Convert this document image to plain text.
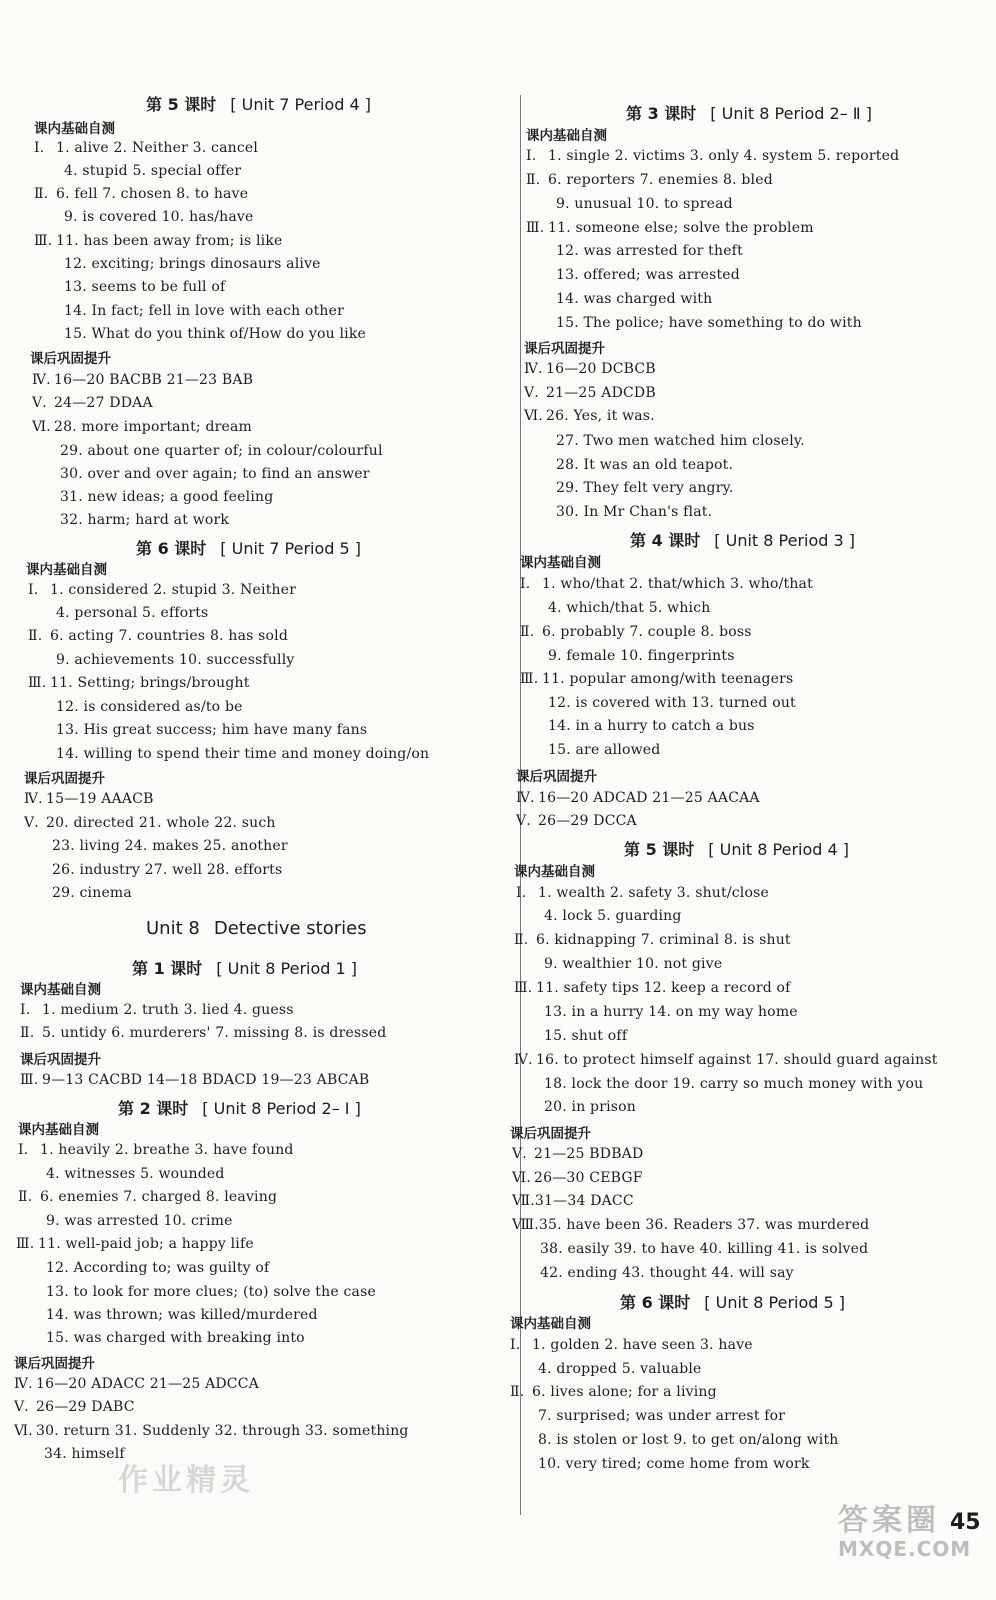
第 5 课时 [ Unit 7 Period 4 ]
课内基础自测
Ⅰ. 1. alive 2. Neither 3. cancel
4. stupid 5. special offer
Ⅱ. 6. fell 7. chosen 8. to have
9. is covered 10. has/have
Ⅲ. 11. has been away from; is like
12. exciting; brings dinosaurs alive
13. seems to be full of
14. In fact; fell in love with each other
15. What do you think of/How do you like
课后巩固提升
Ⅳ. 16—20 BACBB 21—23 BAB
Ⅴ. 24—27 DDAA
Ⅵ. 28. more important; dream
29. about one quarter of; in colour/colourful
30. over and over again; to find an answer
31. new ideas; a good feeling
32. harm; hard at work
第 6 课时 [ Unit 7 Period 5 ]
课内基础自测
Ⅰ. 1. considered 2. stupid 3. Neither
4. personal 5. efforts
Ⅱ. 6. acting 7. countries 8. has sold
9. achievements 10. successfully
Ⅲ. 11. Setting; brings/brought
12. is considered as/to be
13. His great success; him have many fans
14. willing to spend their time and money doing/on
课后巩固提升
Ⅳ. 15—19 AAACB
Ⅴ. 20. directed 21. whole 22. such
23. living 24. makes 25. another
26. industry 27. well 28. efforts
29. cinema
Unit 8 Detective stories
第 1 课时 [ Unit 8 Period 1 ]
课内基础自测
Ⅰ. 1. medium 2. truth 3. lied 4. guess
Ⅱ. 5. untidy 6. murderers' 7. missing 8. is dressed
课后巩固提升
Ⅲ. 9—13 CACBD 14—18 BDACD 19—23 ABCAB
第 2 课时 [ Unit 8 Period 2– Ⅰ ]
课内基础自测
Ⅰ. 1. heavily 2. breathe 3. have found
4. witnesses 5. wounded
Ⅱ. 6. enemies 7. charged 8. leaving
9. was arrested 10. crime
Ⅲ. 11. well-paid job; a happy life
12. According to; was guilty of
13. to look for more clues; (to) solve the case
14. was thrown; was killed/murdered
15. was charged with breaking into
课后巩固提升
Ⅳ. 16—20 ADACC 21—25 ADCCA
Ⅴ. 26—29 DABC
Ⅵ. 30. return 31. Suddenly 32. through 33. something
34. himself
第 3 课时 [ Unit 8 Period 2– Ⅱ ]
课内基础自测
Ⅰ. 1. single 2. victims 3. only 4. system 5. reported
Ⅱ. 6. reporters 7. enemies 8. bled
9. unusual 10. to spread
Ⅲ. 11. someone else; solve the problem
12. was arrested for theft
13. offered; was arrested
14. was charged with
15. The police; have something to do with
课后巩固提升
Ⅳ. 16—20 DCBCB
Ⅴ. 21—25 ADCDB
Ⅵ. 26. Yes, it was.
27. Two men watched him closely.
28. It was an old teapot.
29. They felt very angry.
30. In Mr Chan's flat.
第 4 课时 [ Unit 8 Period 3 ]
课内基础自测
Ⅰ. 1. who/that 2. that/which 3. who/that
4. which/that 5. which
Ⅱ. 6. probably 7. couple 8. boss
9. female 10. fingerprints
Ⅲ. 11. popular among/with teenagers
12. is covered with 13. turned out
14. in a hurry to catch a bus
15. are allowed
课后巩固提升
Ⅳ. 16—20 ADCAD 21—25 AACAA
Ⅴ. 26—29 DCCA
第 5 课时 [ Unit 8 Period 4 ]
课内基础自测
Ⅰ. 1. wealth 2. safety 3. shut/close
4. lock 5. guarding
Ⅱ. 6. kidnapping 7. criminal 8. is shut
9. wealthier 10. not give
Ⅲ. 11. safety tips 12. keep a record of
13. in a hurry 14. on my way home
15. shut off
Ⅳ. 16. to protect himself against 17. should guard against
18. lock the door 19. carry so much money with you
20. in prison
课后巩固提升
Ⅴ. 21—25 BDBAD
Ⅵ. 26—30 CEBGF
Ⅶ.31—34 DACC
Ⅷ.35. have been 36. Readers 37. was murdered
38. easily 39. to have 40. killing 41. is solved
42. ending 43. thought 44. will say
第 6 课时 [ Unit 8 Period 5 ]
课内基础自测
Ⅰ. 1. golden 2. have seen 3. have
4. dropped 5. valuable
Ⅱ. 6. lives alone; for a living
7. surprised; was under arrest for
8. is stolen or lost 9. to get on/along with
10. very tired; come home from work
作业精灵
答案圈
MXQE.COM
45
